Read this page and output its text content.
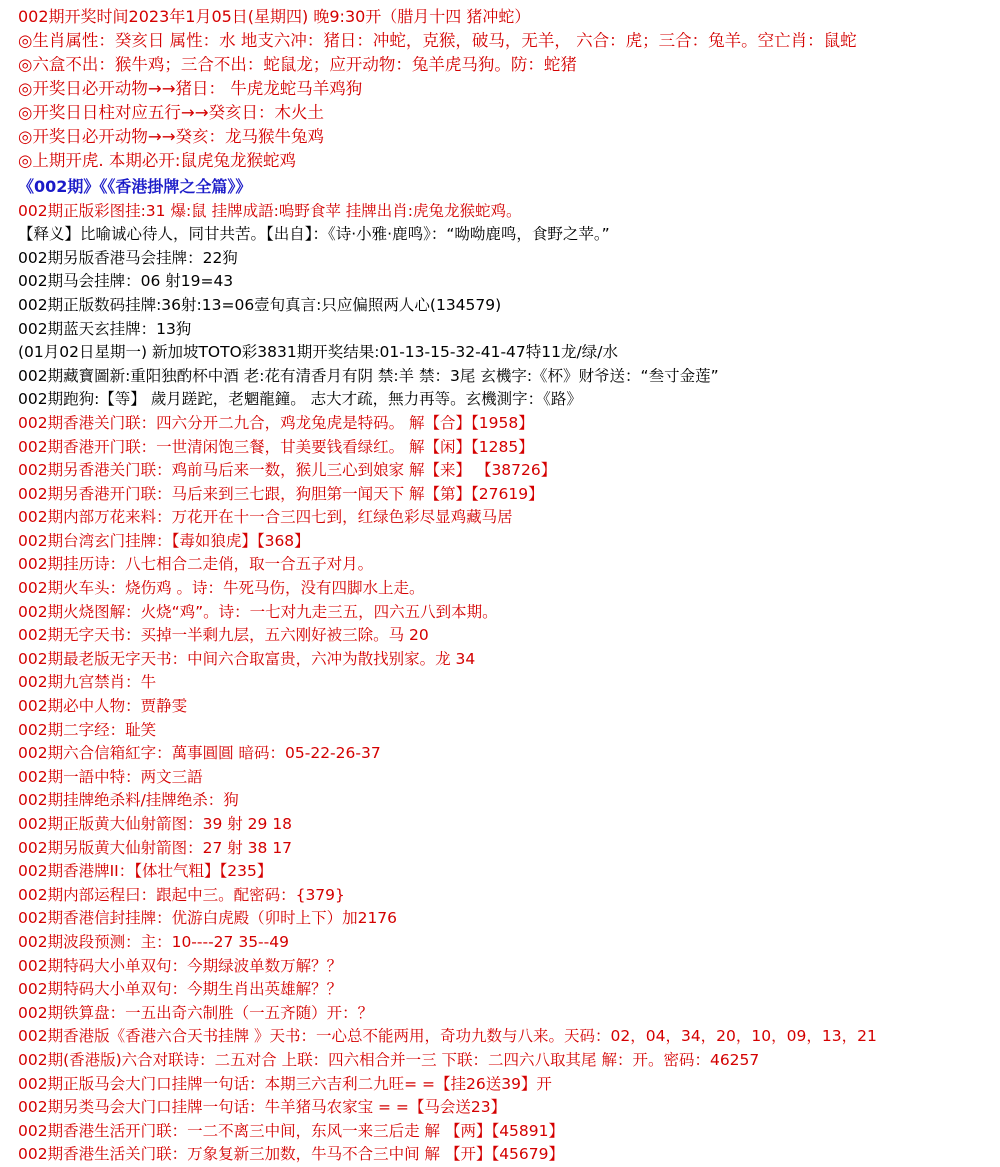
002期开奖时间2023年1月05日(星期四) 晚9:30开（腊月十四 猪冲蛇）
◎生肖属性：癸亥日 属性：水 地支六冲：猪日：冲蛇，克猴，破马，无羊， 六合：虎；三合：兔羊。空亡肖：鼠蛇
◎六盒不出：猴牛鸡；三合不出：蛇鼠龙；应开动物：兔羊虎马狗。防：蛇猪
◎开奖日必开动物→→猪日： 牛虎龙蛇马羊鸡狗
◎开奖日日柱对应五行→→癸亥日：木火土
◎开奖日必开动物→→癸亥：龙马猴牛兔鸡
◎上期开虎. 本期必开:鼠虎兔龙猴蛇鸡
《002期》《《香港掛牌之全篇》》
002期正版彩图挂:31 爆:鼠 挂牌成語:嗚野食苹 挂牌出肖:虎兔龙猴蛇鸡。
【释义】比喻诚心待人，同甘共苦。【出自】：《诗·小雅·鹿鸣》：“呦呦鹿鸣，食野之苹。”
002期另版香港马会挂牌：22狗
002期马会挂牌：06 射19=43
002期正版数码挂牌:36射:13=06壹旬真言:只应偏照两人心(134579)
002期蓝天玄挂牌：13狗
(01月02日星期一) 新加坡TOTO彩3831期开奖结果:01-13-15-32-41-47特11龙/绿/水
002期藏寶圖新:重阳独酌杯中酒 老:花有清香月有阴 禁:羊 禁：3尾 玄機字:《杯》财爷送：“叁寸金莲”
002期跑狗:【等】 歲月蹉跎，老魍龍鐘。 志大才疏，無力再等。玄機測字：《路》
002期香港关门联：四六分开二九合，鸡龙兔虎是特码。 解【合】【1958】
002期香港开门联：一世清闲饱三餐，甘美要钱看绿红。 解【闲】【1285】
002期另香港关门联：鸡前马后来一数，猴儿三心到娘家 解【来】 【38726】
002期另香港开门联：马后来到三七跟，狗胆第一闻天下 解【第】【27619】
002期内部万花来料：万花开在十一合三四七到，红绿色彩尽显鸡藏马居
002期台湾玄门挂牌：【毒如狼虎】【368】
002期挂历诗：八七相合二走俏，取一合五子对月。
002期火车头：烧伤鸡 。诗：牛死马伤，没有四脚水上走。
002期火烧图解：火烧“鸡”。诗：一七对九走三五，四六五八到本期。
002期无字天书：买掉一半剩九层，五六刚好被三除。马 20
002期最老版无字天书：中间六合取富贵，六冲为散找别家。龙 34
002期九宫禁肖：牛
002期必中人物：贾静雯
002期二字经：耻笑
002期六合信箱紅字：萬事圓圓 暗码：05-22-26-37
002期一語中特：两文三語
002期挂牌绝杀料/挂牌绝杀：狗
002期正版黄大仙射箭图：39 射 29 18
002期另版黄大仙射箭图：27 射 38 17
002期香港牌II：【体壮气粗】【235】
002期内部运程曰：跟起中三。配密码：{379}
002期香港信封挂牌：优游白虎殿（卯时上下）加2176
002期波段预测：主：10----27 35--49
002期特码大小单双句：今期绿波单数万解？？
002期特码大小单双句：今期生肖出英雄解？？
002期铁算盘：一五出奇六制胜（一五齐随）开：？
002期香港版《香港六合天书挂牌 》天书：一心总不能两用，奇功九数与八来。天码：02，04，34，20，10，09，13，21
002期(香港版)六合对联诗：二五对合 上联：四六相合并一三 下联：二四六八取其尾 解：开。密码：46257
002期正版马会大门口挂牌一句话：本期三六吉利二九旺= =【挂26送39】开
002期另类马会大门口挂牌一句话：牛羊猪马农家宝 = =【马会送23】
002期香港生活开门联：一二不离三中间，东风一来三后走 解 【两】【45891】
002期香港生活关门联：万象复新三加数，牛马不合三中间 解 【开】【45679】
